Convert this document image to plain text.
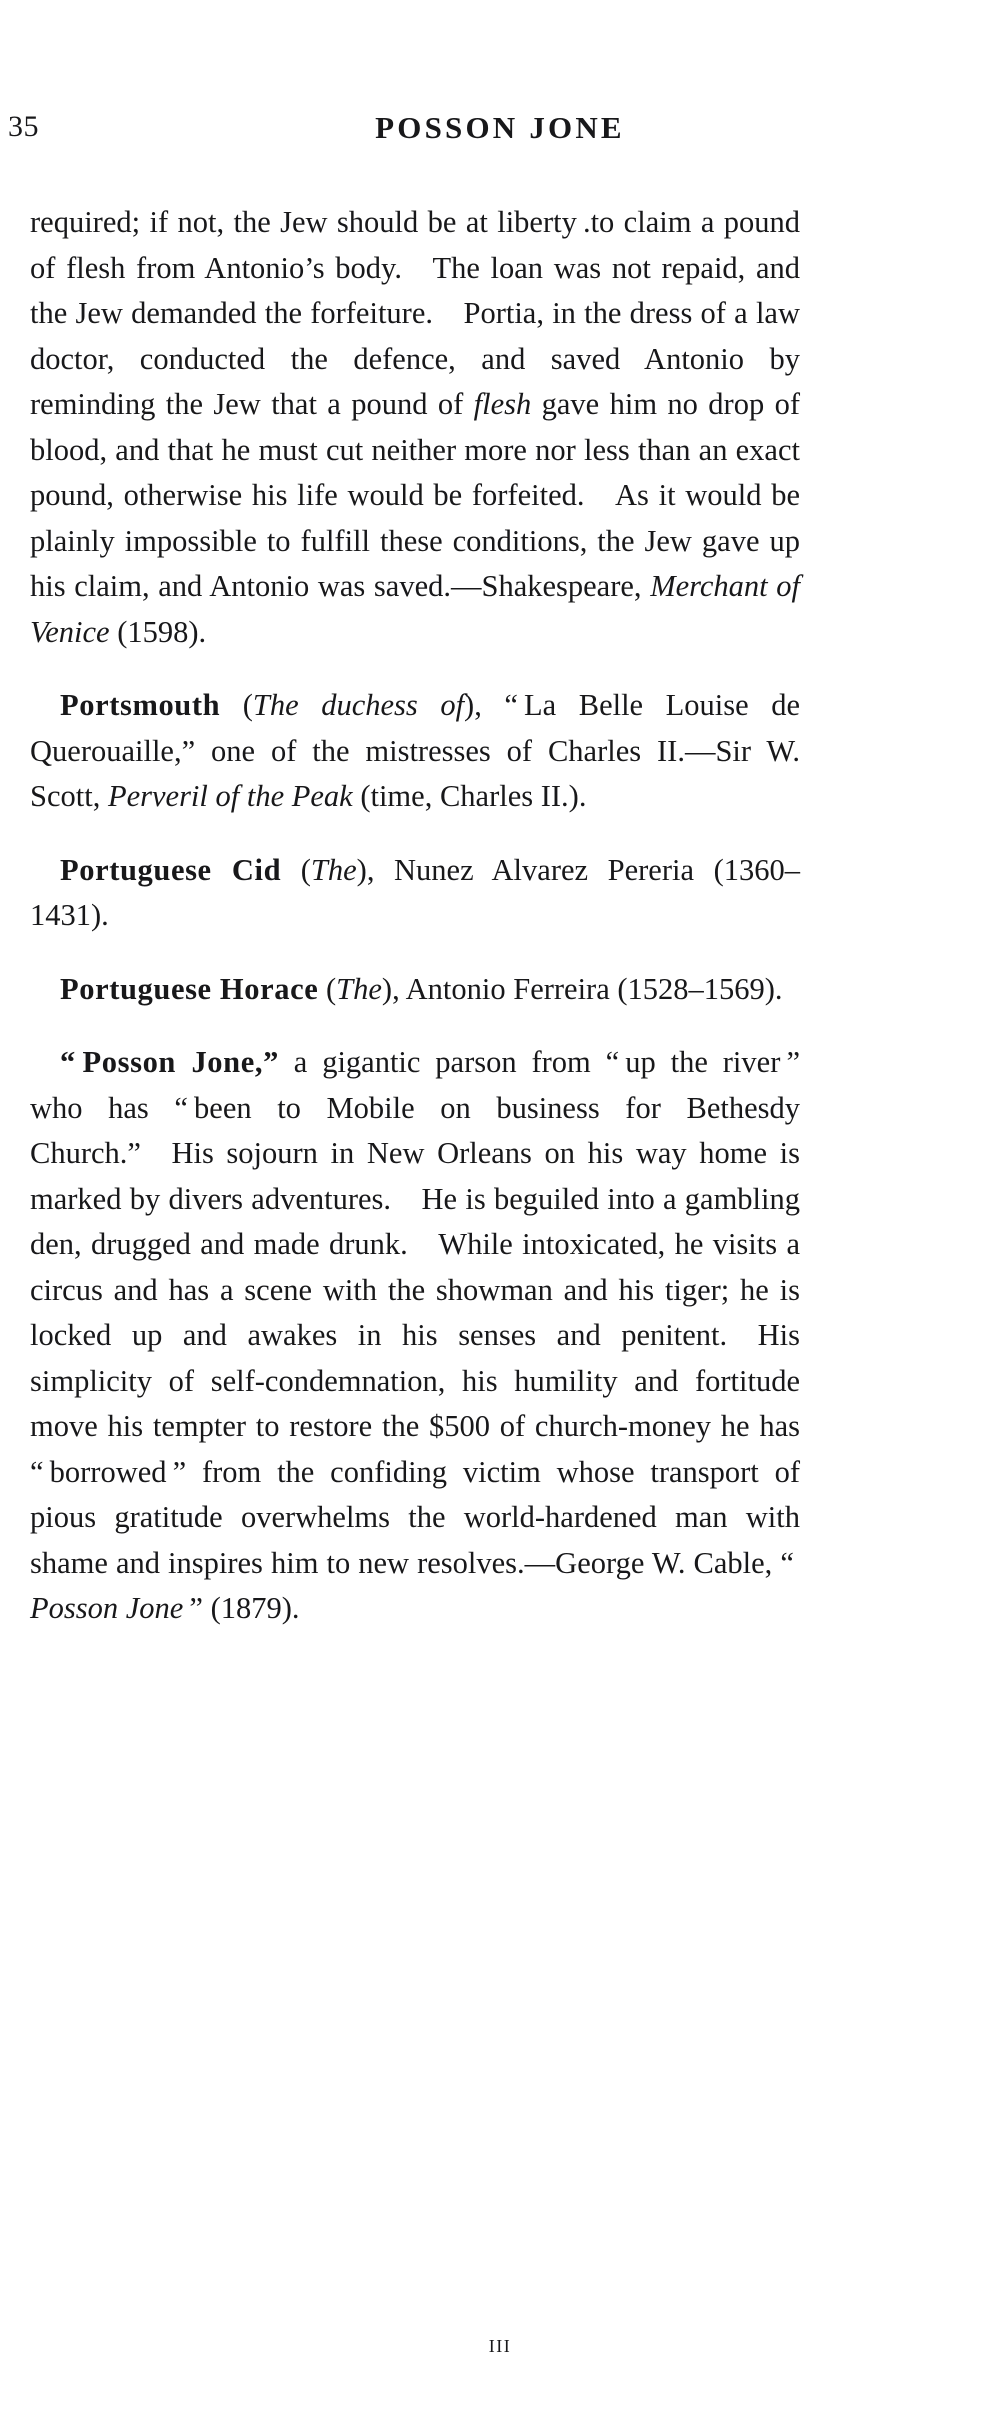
35	POSSON JONE

required; if not, the Jew should be at liberty .to claim a pound of flesh from Antonio’s body. The loan was not repaid, and the Jew demanded the forfeiture. Portia, in the dress of a law doctor, conducted the defence, and saved Antonio by reminding the Jew that a pound of flesh gave him no drop of blood, and that he must cut neither more nor less than an exact pound, otherwise his life would be forfeited. As it would be plainly impossible to fulfill these conditions, the Jew gave up his claim, and Antonio was saved.—Shakespeare, Merchant of Venice (1598).

Portsmouth (The duchess of), “ La Belle Louise de Querouaille,” one of the mistresses of Charles II.—Sir W. Scott, Perveril of the Peak (time, Charles II.).

Portuguese Cid (The), Nunez Alvarez Pereria (1360–1431).

Portuguese Horace (The), Antonio Ferreira (1528–1569).

“ Posson Jone,” a gigantic parson from “ up the river ” who has “ been to Mobile on business for Bethesdy Church.” His sojourn in New Orleans on his way home is marked by divers adventures. He is beguiled into a gambling den, drugged and made drunk. While intoxicated, he visits a circus and has a scene with the showman and his tiger; he is locked up and awakes in his senses and penitent. His simplicity of self-condemnation, his humility and fortitude move his tempter to restore the $500 of church-money he has “ borrowed ” from the confiding victim whose transport of pious gratitude overwhelms the world-hardened man with shame and inspires him to new resolves.—George W. Cable, “ Posson Jone ” (1879).

III
